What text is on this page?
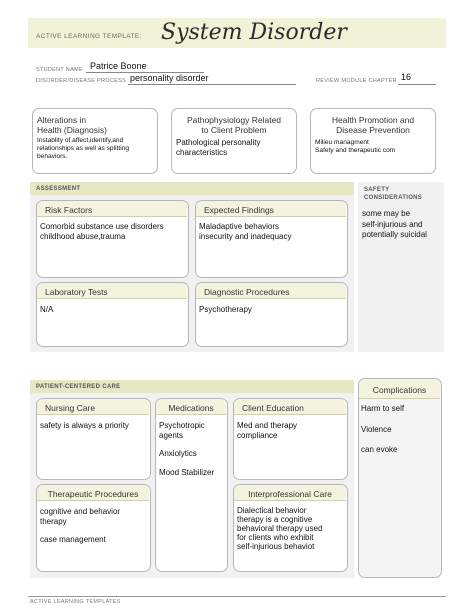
ACTIVE LEARNING TEMPLATE: System Disorder
STUDENT NAME Patrice Boone
DISORDER/DISEASE PROCESS personality disorder	REVIEW MODULE CHAPTER 16
Alterations in
Health (Diagnosis)
Instablity of affect,identify,and relationships as well as splitting behaviors.
Pathophysiology Related
to Client Problem
Pathological personality
characteristics
Health Promotion and
Disease Prevention
Milieu managment
Safety and therapeutic com
ASSESSMENT
Risk Factors
Comorbid substance use disorders
childhood abuse,trauma
Expected Findings
Maladaptive behaviors
insecurity and inadequacy
Laboratory Tests
N/A
Diagnostic Procedures
Psychotherapy
SAFETY
CONSIDERATIONS
some may be
self-injurious and
potentially suicidal
PATIENT-CENTERED CARE
Nursing Care
safety is always a priority
Medications
Psychotropic
agents
Anxiolytics
Mood Stabilizer
Client Education
Med and therapy
compliance
Therapeutic Procedures
cognitive and behavior
therapy
case management
Interprofessional Care
Dialectical behavior
therapy is a cognitive
behavioral therapy used
for clients who exhibit
self-injurious behaviot
Complications
Harm to self
Violence
can evoke
ACTIVE LEARNING TEMPLATES
